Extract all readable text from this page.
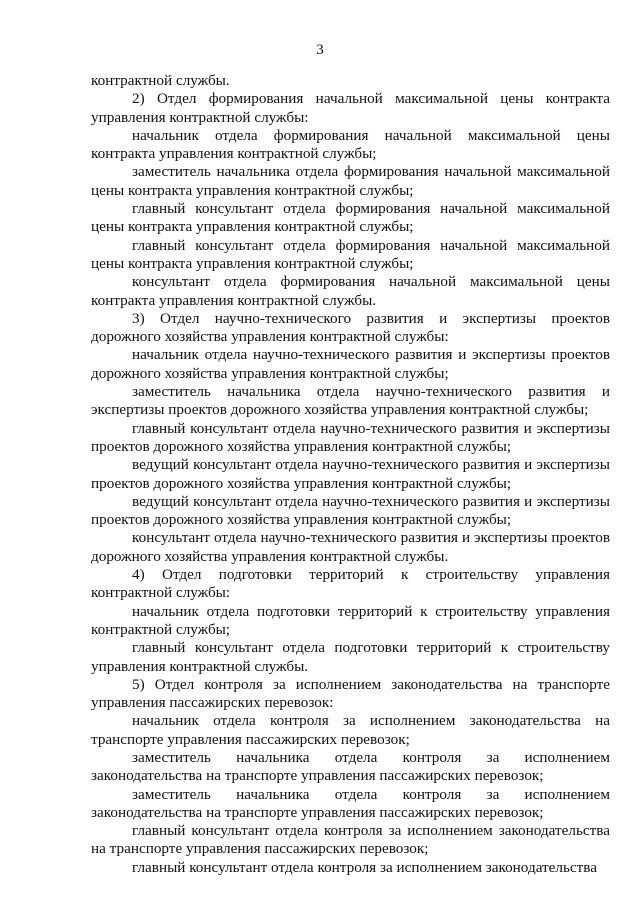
3

контрактной службы.

2) Отдел формирования начальной максимальной цены контракта управления контрактной службы:

начальник отдела формирования начальной максимальной цены контракта управления контрактной службы;

заместитель начальника отдела формирования начальной максимальной цены контракта управления контрактной службы;

главный консультант отдела формирования начальной максимальной цены контракта управления контрактной службы;

главный консультант отдела формирования начальной максимальной цены контракта управления контрактной службы;

консультант отдела формирования начальной максимальной цены контракта управления контрактной службы.

3) Отдел научно-технического развития и экспертизы проектов дорожного хозяйства управления контрактной службы:

начальник отдела научно-технического развития и экспертизы проектов дорожного хозяйства управления контрактной службы;

заместитель начальника отдела научно-технического развития и экспертизы проектов дорожного хозяйства управления контрактной службы;

главный консультант отдела научно-технического развития и экспертизы проектов дорожного хозяйства управления контрактной службы;

ведущий консультант отдела научно-технического развития и экспертизы проектов дорожного хозяйства управления контрактной службы;

ведущий консультант отдела научно-технического развития и экспертизы проектов дорожного хозяйства управления контрактной службы;

консультант отдела научно-технического развития и экспертизы проектов дорожного хозяйства управления контрактной службы.

4) Отдел подготовки территорий к строительству управления контрактной службы:

начальник отдела подготовки территорий к строительству управления контрактной службы;

главный консультант отдела подготовки территорий к строительству управления контрактной службы.

5) Отдел контроля за исполнением законодательства на транспорте управления пассажирских перевозок:

начальник отдела контроля за исполнением законодательства на транспорте управления пассажирских перевозок;

заместитель начальника отдела контроля за исполнением законодательства на транспорте управления пассажирских перевозок;

заместитель начальника отдела контроля за исполнением законодательства на транспорте управления пассажирских перевозок;

главный консультант отдела контроля за исполнением законодательства на транспорте управления пассажирских перевозок;

главный консультант отдела контроля за исполнением законодательства
